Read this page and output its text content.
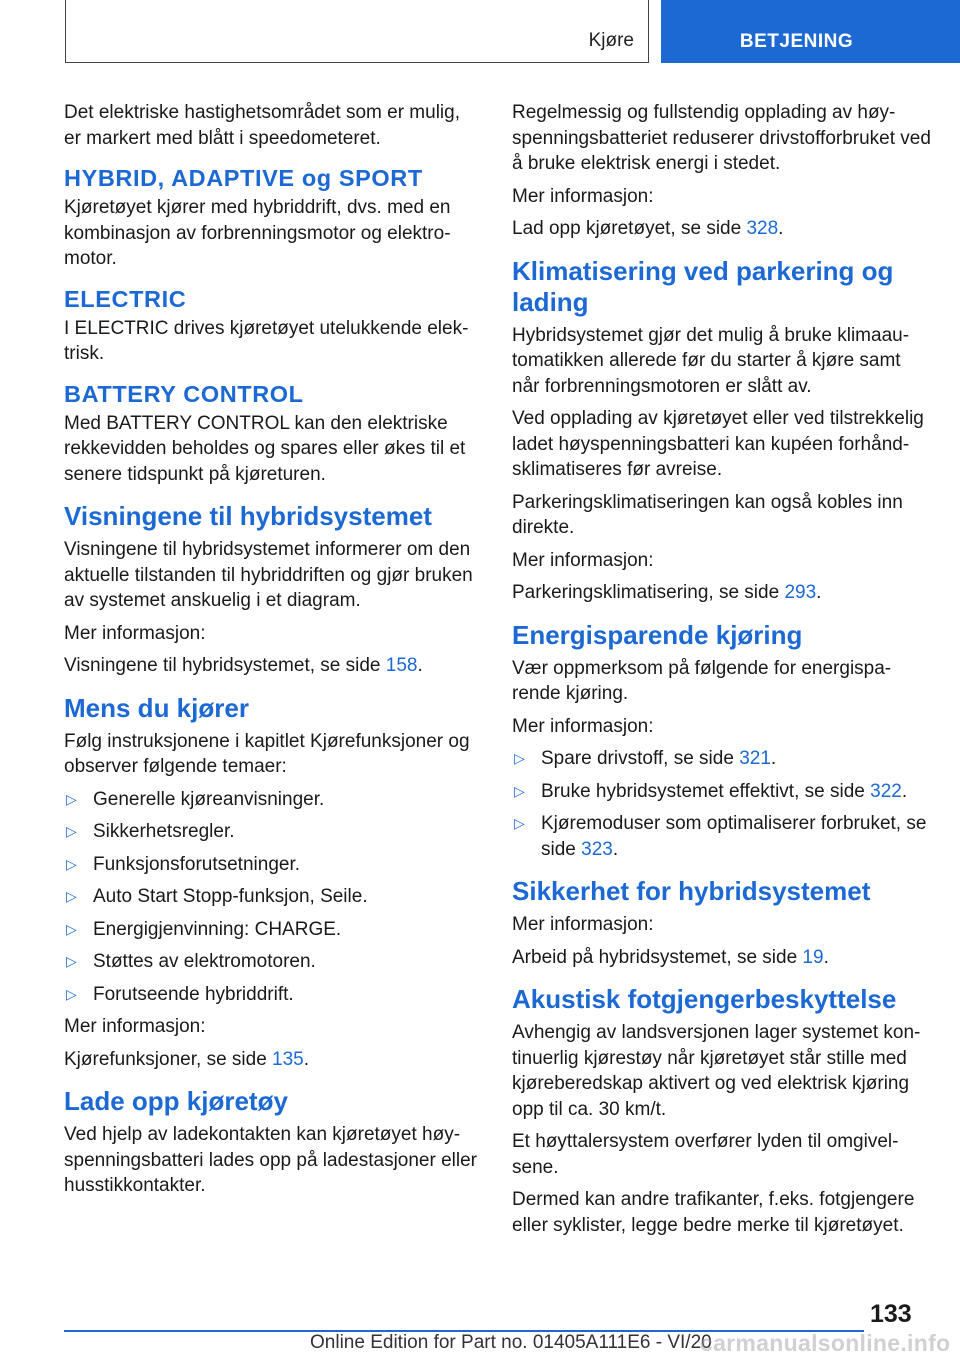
Kjøre	BETJENING

Det elektriske hastighetsområdet som er mulig, er markert med blått i speedometeret.

HYBRID, ADAPTIVE og SPORT

Kjøretøyet kjører med hybriddrift, dvs. med en kombinasjon av forbrenningsmotor og elektro-motor.

ELECTRIC

I ELECTRIC drives kjøretøyet utelukkende elek-trisk.

BATTERY CONTROL

Med BATTERY CONTROL kan den elektriske rekkevidden beholdes og spares eller økes til et senere tidspunkt på kjøreturen.

Visningene til hybridsystemet

Visningene til hybridsystemet informerer om den aktuelle tilstanden til hybriddriften og gjør bruken av systemet anskuelig i et diagram.

Mer informasjon:

Visningene til hybridsystemet, se side 158.

Mens du kjører

Følg instruksjonene i kapitlet Kjørefunksjoner og observer følgende temaer:

▷ Generelle kjøreanvisninger.
▷ Sikkerhetsregler.
▷ Funksjonsforutsetninger.
▷ Auto Start Stopp-funksjon, Seile.
▷ Energigjenvinning: CHARGE.
▷ Støttes av elektromotoren.
▷ Forutseende hybriddrift.

Mer informasjon:

Kjørefunksjoner, se side 135.

Lade opp kjøretøy

Ved hjelp av ladekontakten kan kjøretøyet høy-spenningsbatteri lades opp på ladestasjoner eller husstikkontakter.

Regelmessig og fullstendig opplading av høy-spenningsbatteriet reduserer drivstofforbruket ved å bruke elektrisk energi i stedet.

Mer informasjon:

Lad opp kjøretøyet, se side 328.

Klimatisering ved parkering og lading

Hybridsystemet gjør det mulig å bruke klimaau-tomatikken allerede før du starter å kjøre samt når forbrenningsmotoren er slått av.

Ved opplading av kjøretøyet eller ved tilstrekkelig ladet høyspenningsbatteri kan kupéen forhånd-sklimatiseres før avreise.

Parkeringsklimatiseringen kan også kobles inn direkte.

Mer informasjon:

Parkeringsklimatisering, se side 293.

Energisparende kjøring

Vær oppmerksom på følgende for energispa-rende kjøring.

Mer informasjon:

▷ Spare drivstoff, se side 321.
▷ Bruke hybridsystemet effektivt, se side 322.
▷ Kjøremoduser som optimaliserer forbruket, se side 323.
Sikkerhet for hybridsystemet

Mer informasjon:

Arbeid på hybridsystemet, se side 19.

Akustisk fotgjengerbeskyttelse

Avhengig av landsversjonen lager systemet kon-tinuerlig kjørestøy når kjøretøyet står stille med kjøreberedskap aktivert og ved elektrisk kjøring opp til ca. 30 km/t.

Et høyttalersystem overfører lyden til omgivel-sene.

Dermed kan andre trafikanter, f.eks. fotgjengere eller syklister, legge bedre merke til kjøretøyet.

133
Online Edition for Part no. 01405A111E6 - VI/20
carmanualsonline.info
